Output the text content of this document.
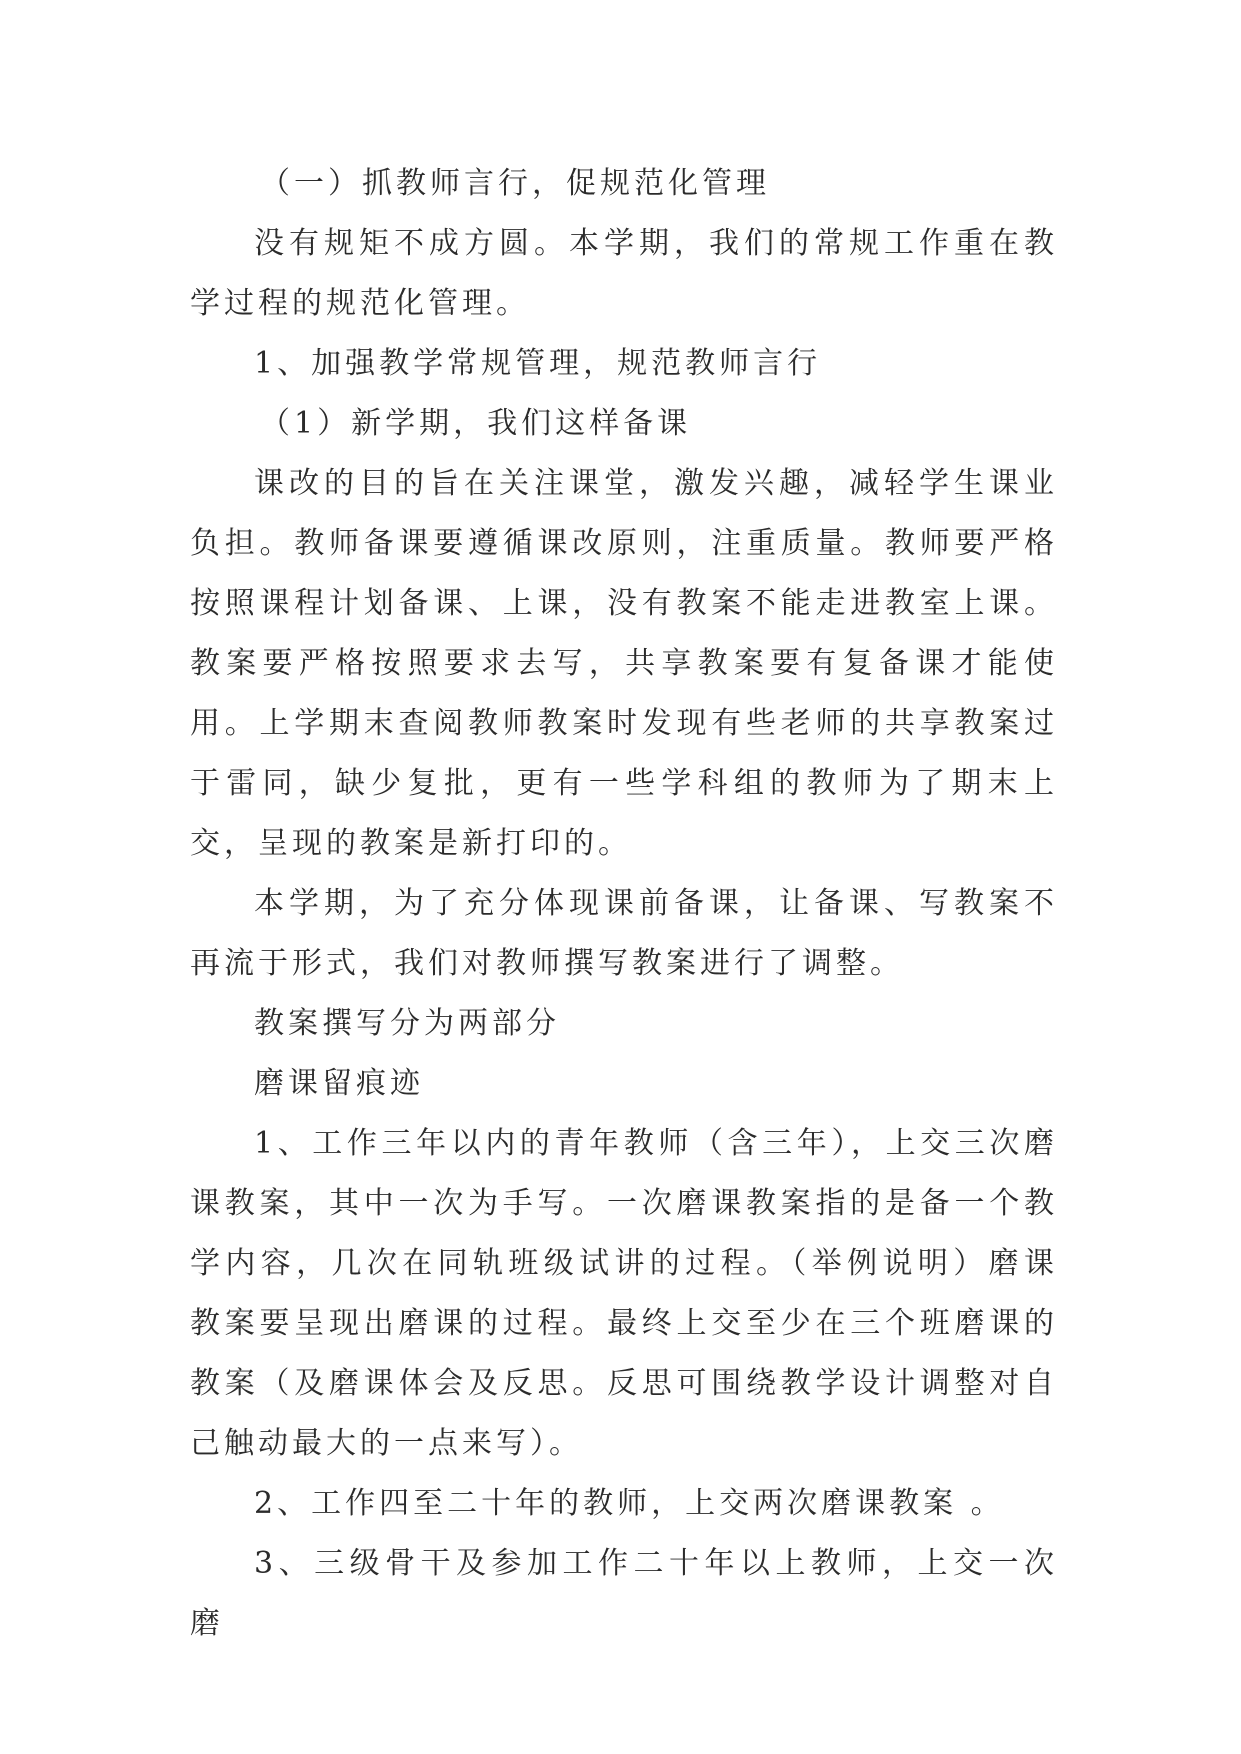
（一）抓教师言行，促规范化管理

没有规矩不成方圆。本学期，我们的常规工作重在教学过程的规范化管理。

1、加强教学常规管理，规范教师言行

（1）新学期，我们这样备课

课改的目的旨在关注课堂，激发兴趣，减轻学生课业负担。教师备课要遵循课改原则，注重质量。教师要严格按照课程计划备课、上课，没有教案不能走进教室上课。教案要严格按照要求去写，共享教案要有复备课才能使用。上学期末查阅教师教案时发现有些老师的共享教案过于雷同，缺少复批，更有一些学科组的教师为了期末上交，呈现的教案是新打印的。

本学期，为了充分体现课前备课，让备课、写教案不再流于形式，我们对教师撰写教案进行了调整。

教案撰写分为两部分

磨课留痕迹

1、工作三年以内的青年教师（含三年），上交三次磨课教案，其中一次为手写。一次磨课教案指的是备一个教学内容，几次在同轨班级试讲的过程。（举例说明）磨课教案要呈现出磨课的过程。最终上交至少在三个班磨课的教案（及磨课体会及反思。反思可围绕教学设计调整对自己触动最大的一点来写）。

2、工作四至二十年的教师，上交两次磨课教案 。

3、三级骨干及参加工作二十年以上教师，上交一次磨
